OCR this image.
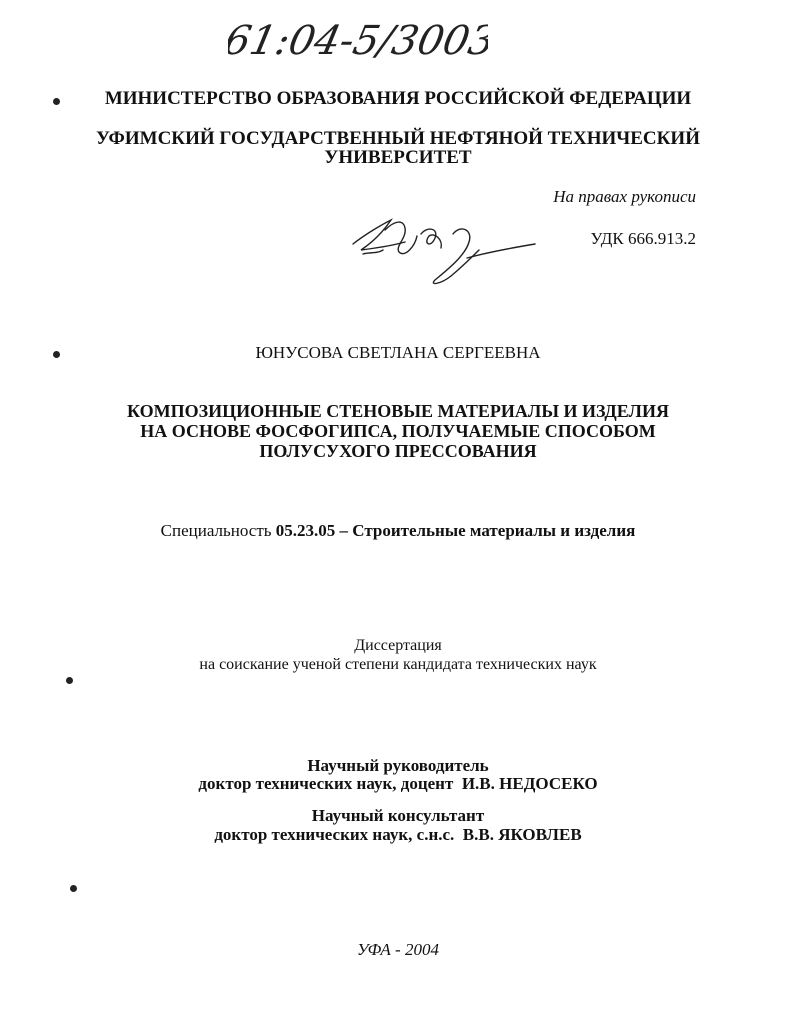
61:04-5/3003
МИНИСТЕРСТВО ОБРАЗОВАНИЯ РОССИЙСКОЙ ФЕДЕРАЦИИ
УФИМСКИЙ ГОСУДАРСТВЕННЫЙ НЕФТЯНОЙ ТЕХНИЧЕСКИЙ
УНИВЕРСИТЕТ
На правах рукописи
УДК 666.913.2
ЮНУСОВА СВЕТЛАНА СЕРГЕЕВНА
КОМПОЗИЦИОННЫЕ СТЕНОВЫЕ МАТЕРИАЛЫ И ИЗДЕЛИЯ
НА ОСНОВЕ ФОСФОГИПСА, ПОЛУЧАЕМЫЕ СПОСОБОМ
ПОЛУСУХОГО ПРЕССОВАНИЯ
Специальность 05.23.05 – Строительные материалы и изделия
Диссертация
на соискание ученой степени кандидата технических наук
Научный руководитель
доктор технических наук, доцент  И.В. НЕДОСЕКО
Научный консультант
доктор технических наук, с.н.с.  В.В. ЯКОВЛЕВ
УФА - 2004
